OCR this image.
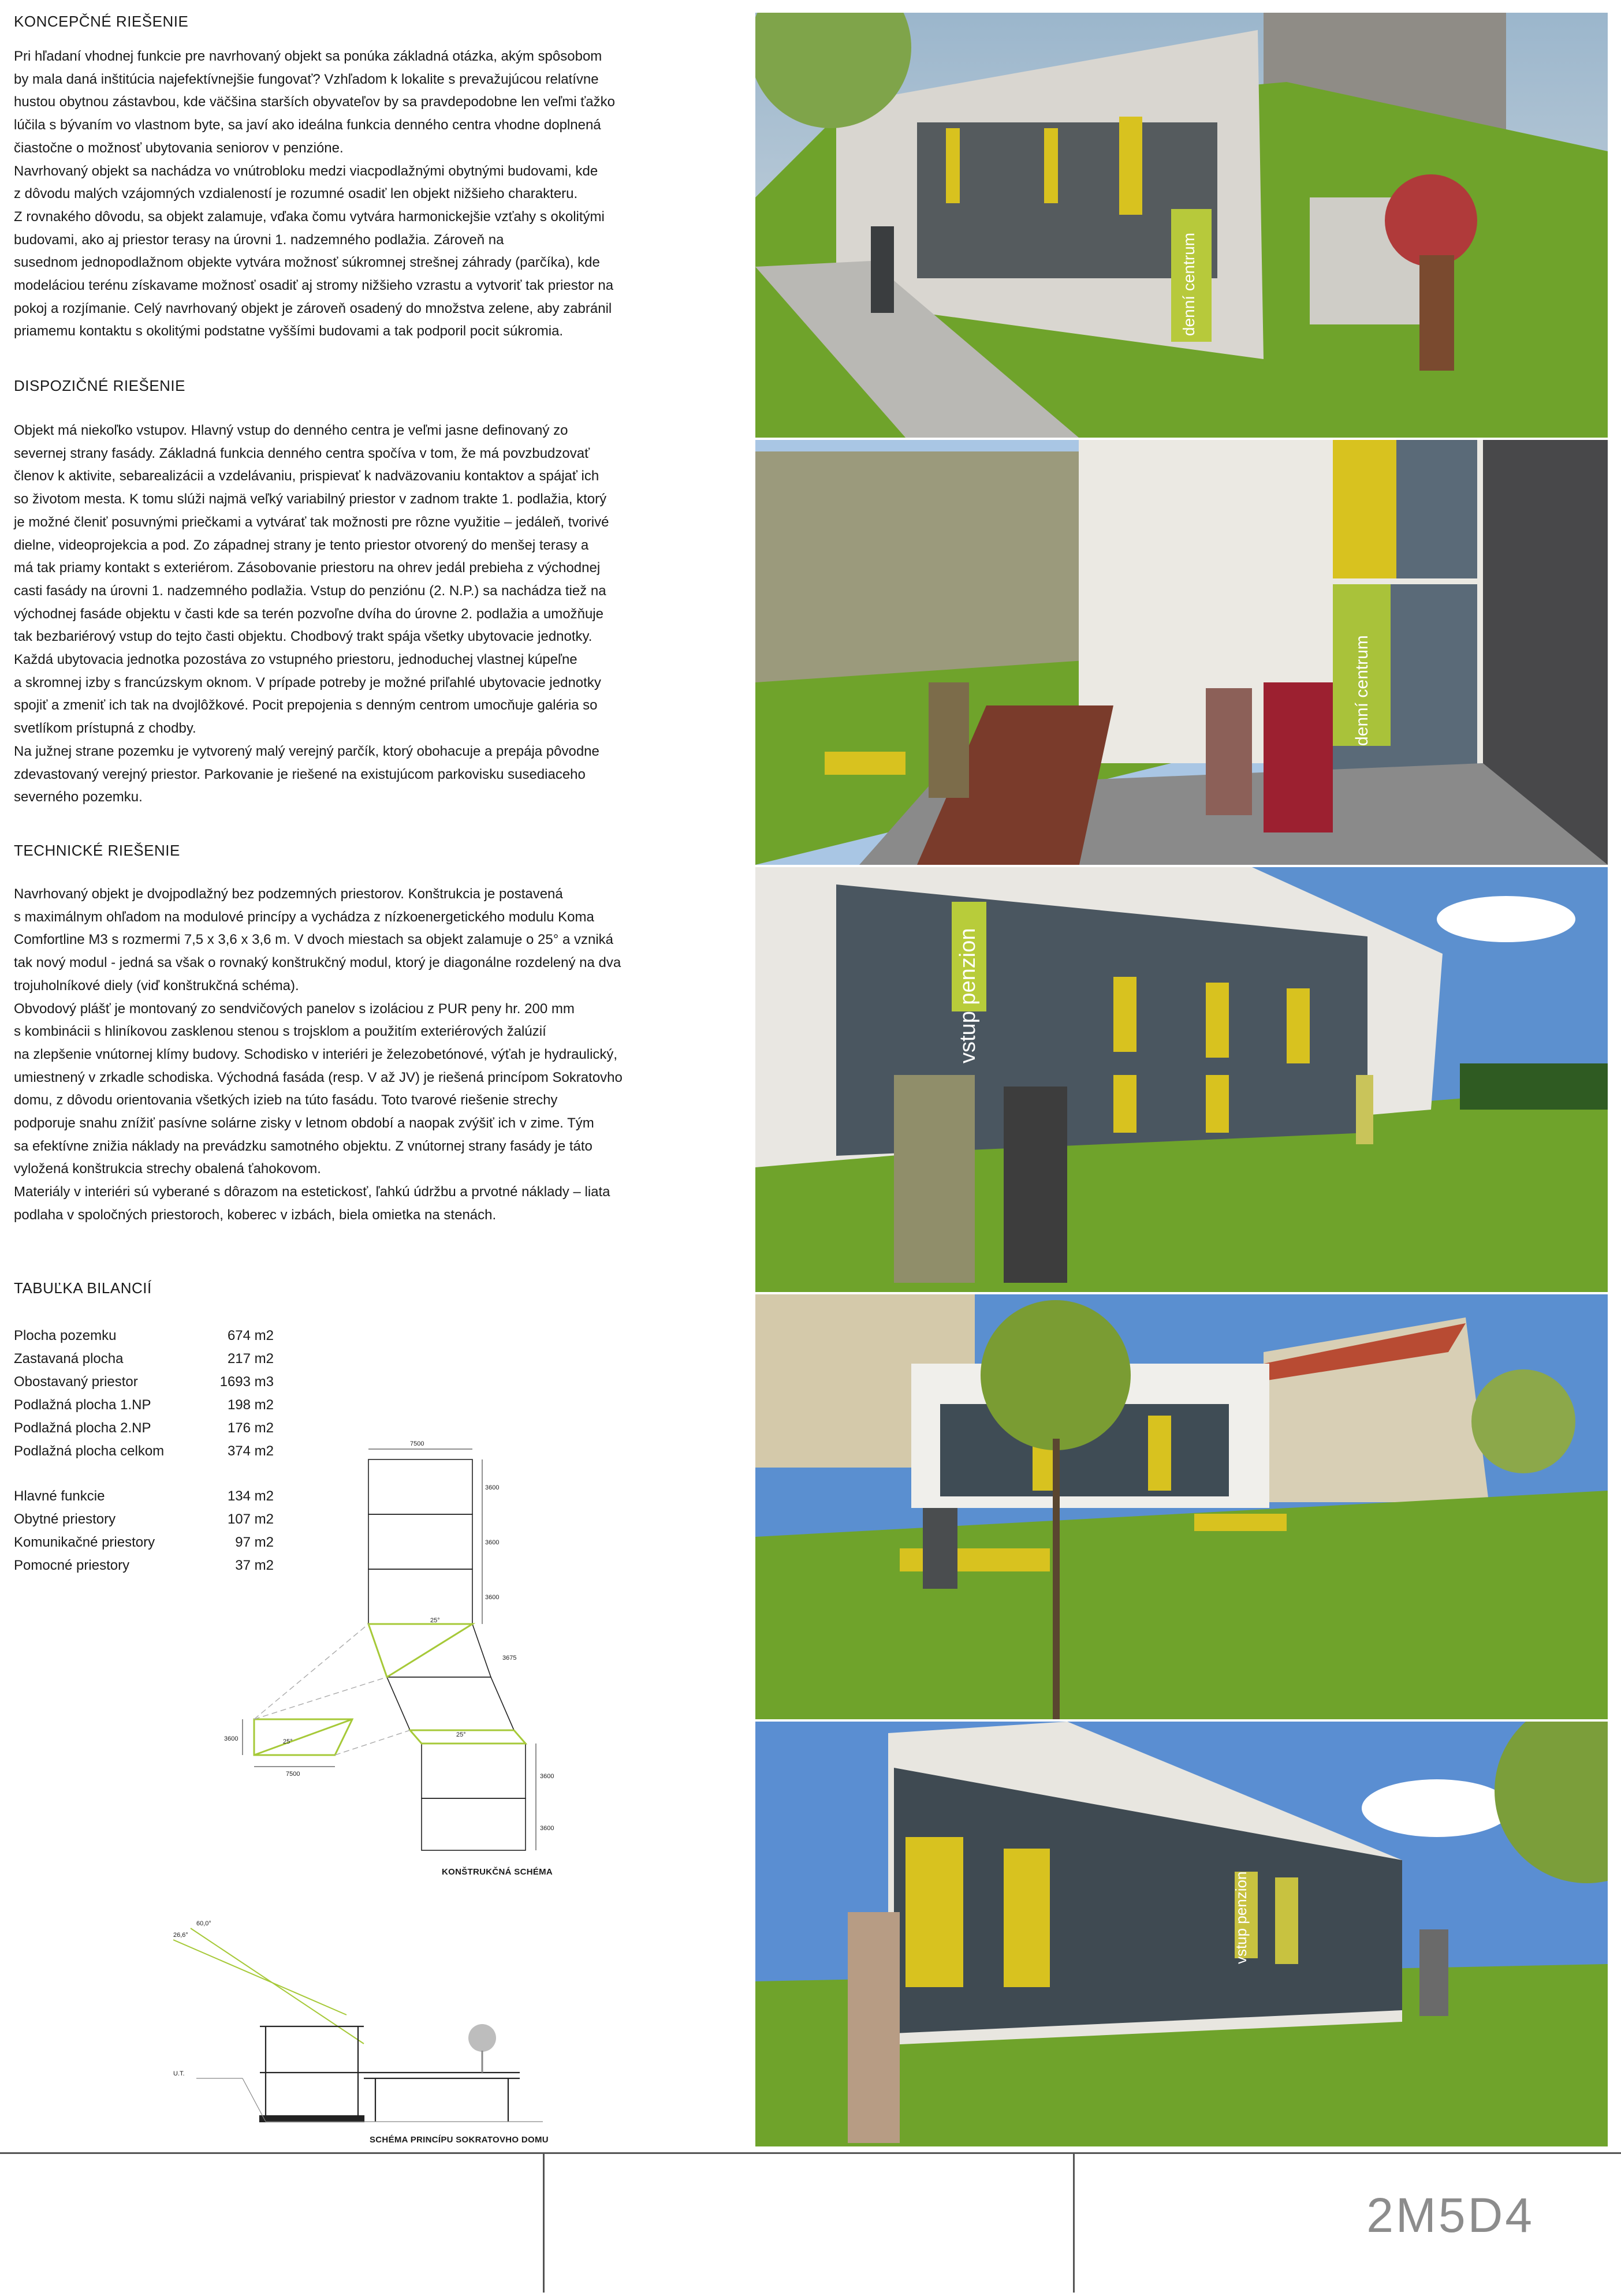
KONCEPČNÉ RIEŠENIE
Pri hľadaní vhodnej funkcie pre navrhovaný objekt sa ponúka základná otázka, akým spôsobom
by mala daná inštitúcia najefektívnejšie fungovať? Vzhľadom k lokalite s prevažujúcou relatívne
hustou obytnou zástavbou, kde väčšina starších obyvateľov by sa pravdepodobne len veľmi ťažko
lúčila s bývaním vo vlastnom byte, sa javí ako ideálna funkcia denného centra vhodne doplnená
čiastočne o možnosť ubytovania seniorov v penzióne.
Navrhovaný objekt sa nachádza vo vnútrobloku medzi viacpodlažnými obytnými budovami, kde
z dôvodu malých vzájomných vzdialeností je rozumné osadiť len objekt nižšieho charakteru.
Z rovnakého dôvodu, sa objekt zalamuje, vďaka čomu vytvára harmonickejšie vzťahy s okolitými
budovami, ako aj priestor terasy na úrovni 1. nadzemného podlažia. Zároveň na
susednom jednopodlažnom objekte vytvára možnosť súkromnej strešnej záhrady (parčíka), kde
modeláciou terénu získavame možnosť osadiť aj stromy nižšieho vzrastu a vytvoriť tak priestor na
pokoj a rozjímanie. Celý navrhovaný objekt je zároveň osadený do množstva zelene, aby zabránil
priamemu kontaktu s okolitými podstatne vyššími budovami a tak podporil pocit súkromia.
DISPOZIČNÉ RIEŠENIE
Objekt má niekoľko vstupov. Hlavný vstup do denného centra je veľmi jasne definovaný zo
severnej strany fasády. Základná funkcia denného centra spočíva v tom, že má povzbudzovať
členov k aktivite, sebarealizácii a vzdelávaniu, prispievať k nadväzovaniu kontaktov a spájať ich
so životom mesta. K tomu slúži najmä veľký variabilný priestor v zadnom trakte 1. podlažia, ktorý
je možné členiť posuvnými priečkami a vytvárať tak možnosti pre rôzne využitie – jedáleň, tvorivé
dielne, videoprojekcia a pod. Zo západnej strany je tento priestor otvorený do menšej terasy a
má tak priamy kontakt s exteriérom. Zásobovanie priestoru na ohrev jedál prebieha z východnej
casti fasády na úrovni 1. nadzemného podlažia. Vstup do penziónu (2. N.P.) sa nachádza tiež na
východnej fasáde objektu v časti kde sa terén pozvoľne dvíha do úrovne 2. podlažia a umožňuje
tak bezbariérový vstup do tejto časti objektu. Chodbový trakt spája všetky ubytovacie jednotky.
Každá ubytovacia jednotka pozostáva zo vstupného priestoru, jednoduchej vlastnej kúpeľne
a skromnej izby s francúzskym oknom. V prípade potreby je možné priľahlé ubytovacie jednotky
spojiť a zmeniť ich tak na dvojlôžkové. Pocit prepojenia s denným centrom umocňuje galéria so
svetlíkom prístupná z chodby.
Na južnej strane pozemku je vytvorený malý verejný parčík, ktorý obohacuje a prepája pôvodne
zdevastovaný verejný priestor. Parkovanie je riešené na existujúcom parkovisku susediaceho
severného pozemku.
TECHNICKÉ RIEŠENIE
Navrhovaný objekt je dvojpodlažný bez podzemných priestorov. Konštrukcia je postavená
s maximálnym ohľadom na modulové princípy a vychádza z nízkoenergetického modulu Koma
Comfortline M3 s rozmermi 7,5 x 3,6 x 3,6 m. V dvoch miestach sa objekt zalamuje o 25° a vzniká
tak nový modul - jedná sa však o rovnaký konštrukčný modul, ktorý je diagonálne rozdelený na dva
trojuholníkové diely (viď konštrukčná schéma).
Obvodový plášť je montovaný zo sendvičových panelov s izoláciou z PUR peny hr. 200 mm
s kombinácii s hliníkovou zasklenou stenou s trojsklom a použitím exteriérových žalúzií
na zlepšenie vnútornej klímy budovy. Schodisko v interiéri je železobetónové, výťah je hydraulický,
umiestnený v zrkadle schodiska. Východná fasáda (resp. V až JV) je riešená princípom Sokratovho
domu, z dôvodu orientovania všetkých izieb na túto fasádu. Toto tvarové riešenie strechy
podporuje snahu znížiť pasívne solárne zisky v letnom období a naopak zvýšiť ich v zime. Tým
sa efektívne znižia náklady na prevádzku samotného objektu. Z vnútornej strany fasády je táto
vyložená konštrukcia strechy obalená ťahokovom.
Materiály v interiéri sú vyberané s dôrazom na estetickosť, ľahkú údržbu a prvotné náklady – liata
podlaha v spoločných priestoroch, koberec v izbách, biela omietka na stenách.
TABUĽKA BILANCIÍ
Plocha pozemku	674 m2
Zastavaná plocha	217 m2
Obostavaný priestor	1693 m3
Podlažná plocha 1.NP	198 m2
Podlažná plocha 2.NP	176 m2
Podlažná plocha celkom	374 m2
Hlavné funkcie	134 m2
Obytné priestory	107 m2
Komunikačné priestory	97 m2
Pomocné priestory	37 m2
7500
3600
3600
3600
3675
7500
3600
3600
3600
25°
25°
25°
KONŠTRUKČNÁ SCHÉMA
U.T.
60,0°
26,6°
SCHÉMA PRINCÍPU SOKRATOVHO DOMU
denní centrum
denní centrum
vstup penzion
vstup penzion
2M5D4
